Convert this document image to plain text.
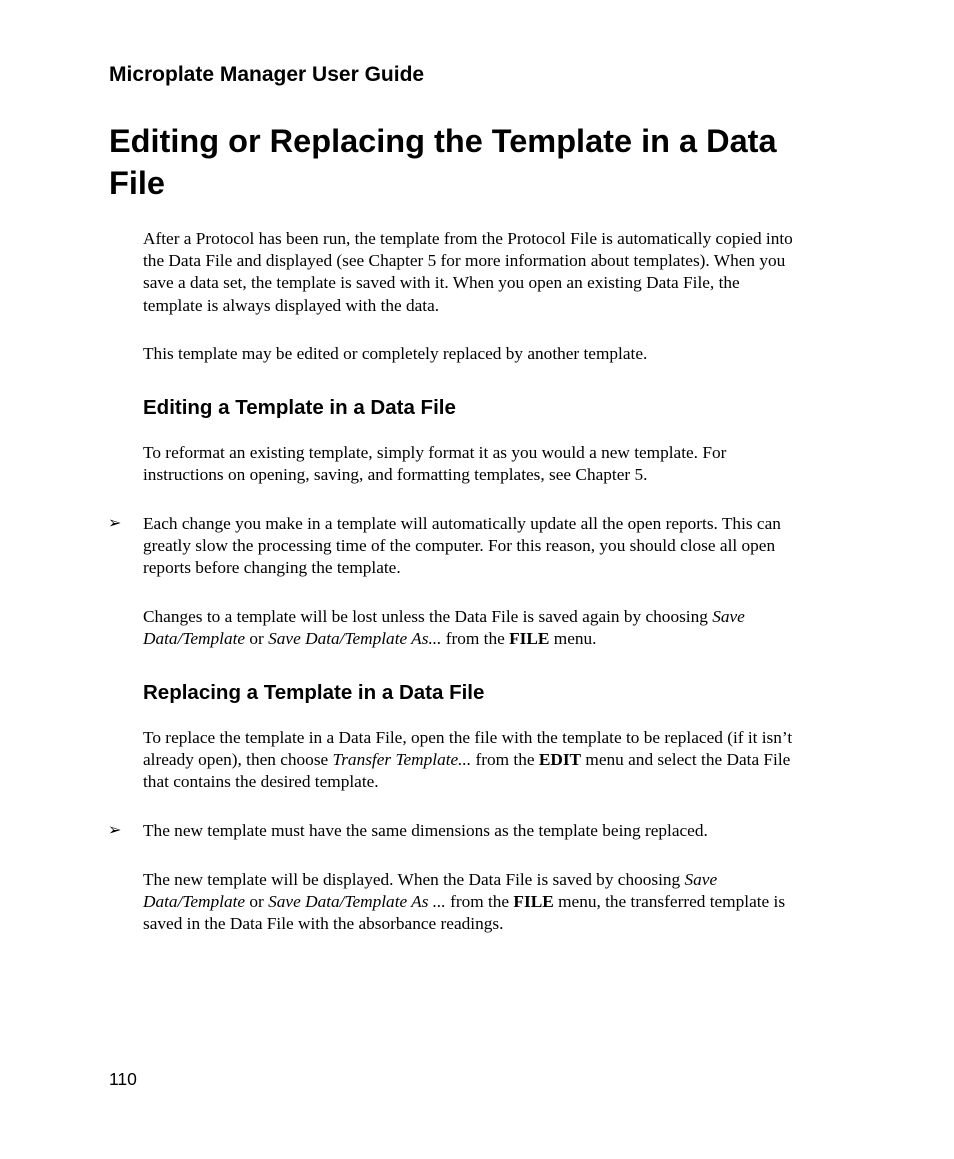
Microplate Manager User Guide
Editing or Replacing the Template in a Data File

After a Protocol has been run, the template from the Protocol File is automatically copied into the Data File and displayed (see Chapter 5 for more information about templates). When you save a data set, the template is saved with it. When you open an existing Data File, the template is always displayed with the data.

This template may be edited or completely replaced by another template.

Editing a Template in a Data File

To reformat an existing template, simply format it as you would a new template. For instructions on opening, saving, and formatting templates, see Chapter 5.

➢ Each change you make in a template will automatically update all the open reports. This can greatly slow the processing time of the computer. For this reason, you should close all open reports before changing the template.

Changes to a template will be lost unless the Data File is saved again by choosing Save Data/Template or Save Data/Template As... from the FILE menu.

Replacing a Template in a Data File

To replace the template in a Data File, open the file with the template to be replaced (if it isn’t already open), then choose Transfer Template... from the EDIT menu and select the Data File that contains the desired template.

➢ The new template must have the same dimensions as the template being replaced.

The new template will be displayed. When the Data File is saved by choosing Save Data/Template or Save Data/Template As ... from the FILE menu, the transferred template is saved in the Data File with the absorbance readings.

110
